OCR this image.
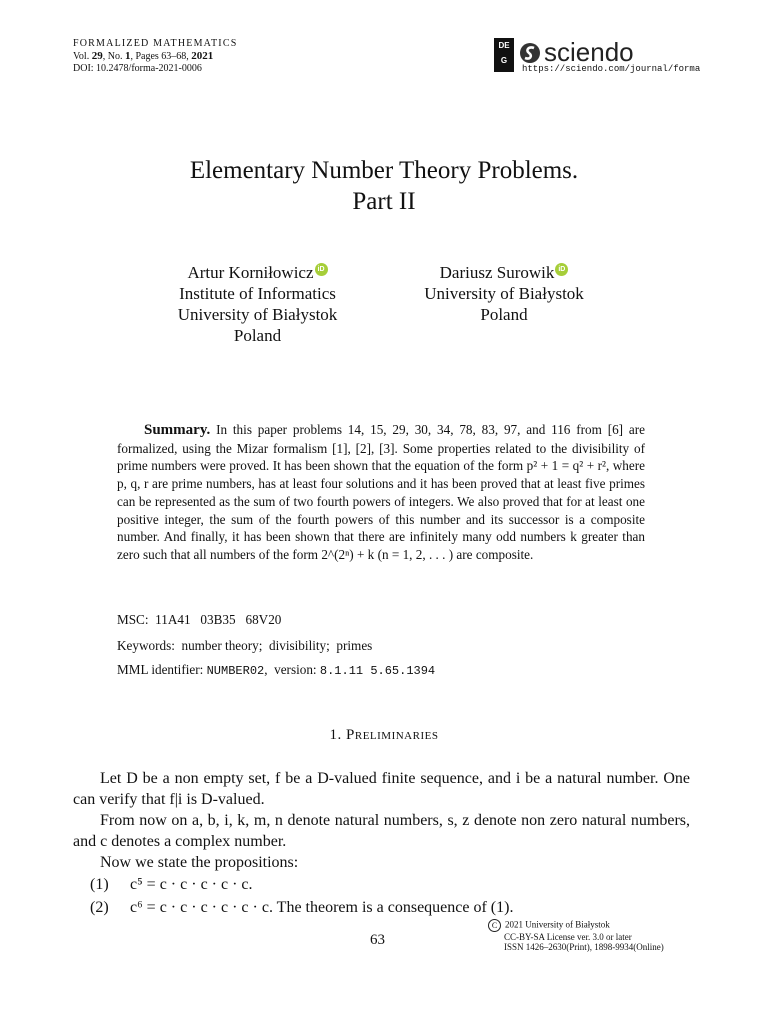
FORMALIZED MATHEMATICS
Vol. 29, No. 1, Pages 63–68, 2021
DOI: 10.2478/forma-2021-0006
DE
G sciendo
https://sciendo.com/journal/forma
Elementary Number Theory Problems.
Part II
Artur Korniłowicz iD
Institute of Informatics
University of Białystok
Poland
Dariusz Surowik iD
University of Białystok
Poland
Summary. In this paper problems 14, 15, 29, 30, 34, 78, 83, 97, and 116 from [6] are formalized, using the Mizar formalism [1], [2], [3]. Some properties related to the divisibility of prime numbers were proved. It has been shown that the equation of the form p² + 1 = q² + r², where p, q, r are prime numbers, has at least four solutions and it has been proved that at least five primes can be represented as the sum of two fourth powers of integers. We also proved that for at least one positive integer, the sum of the fourth powers of this number and its successor is a composite number. And finally, it has been shown that there are infinitely many odd numbers k greater than zero such that all numbers of the form 2^(2ⁿ) + k (n = 1, 2, . . . ) are composite.
MSC: 11A41   03B35   68V20
Keywords: number theory;  divisibility;  primes
MML identifier: NUMBER02,  version: 8.1.11 5.65.1394
1. Preliminaries
Let D be a non empty set, f be a D-valued finite sequence, and i be a natural number. One can verify that f|i is D-valued.
From now on a, b, i, k, m, n denote natural numbers, s, z denote non zero natural numbers, and c denotes a complex number.
Now we state the propositions:
(1) c⁵ = c · c · c · c · c.
(2) c⁶ = c · c · c · c · c · c. The theorem is a consequence of (1).
63
C 2021 University of Białystok
CC-BY-SA License ver. 3.0 or later
ISSN 1426–2630(Print), 1898-9934(Online)
